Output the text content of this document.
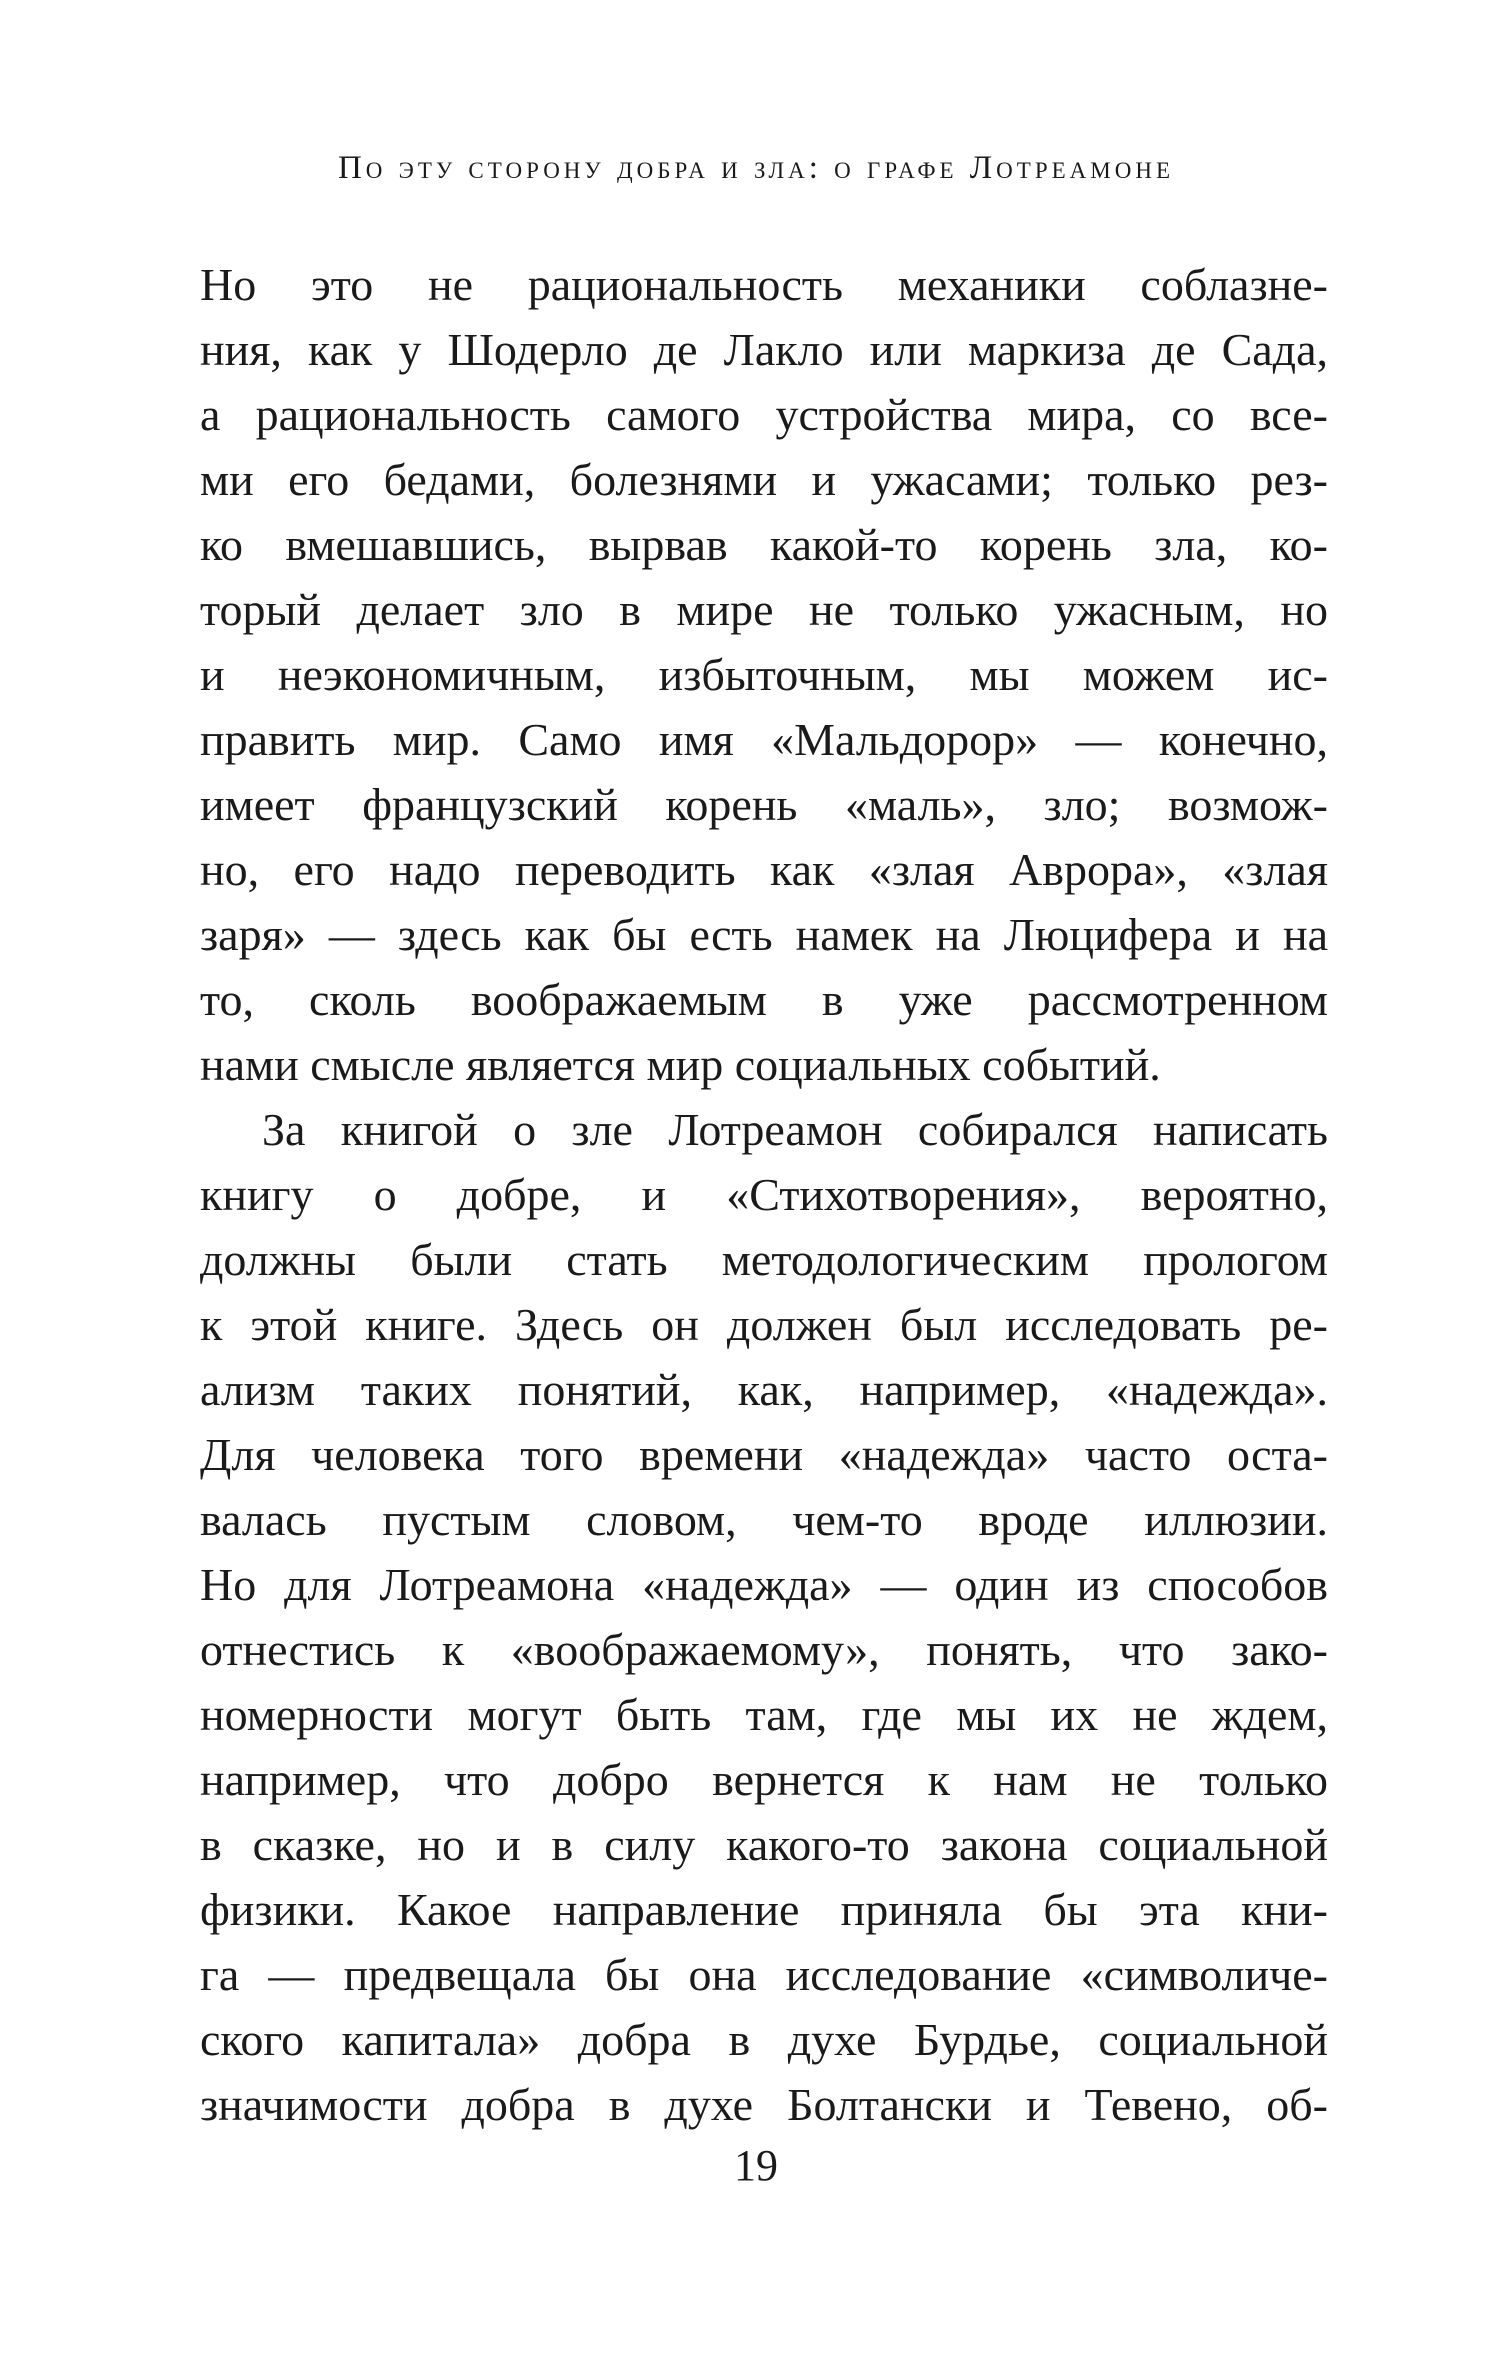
По эту сторону добра и зла: о графе Лотреамоне
Но это не рациональность механики соблазне-
ния, как у Шодерло де Лакло или маркиза де Сада,
а рациональность самого устройства мира, со все-
ми его бедами, болезнями и ужасами; только рез-
ко вмешавшись, вырвав какой-то корень зла, ко-
торый делает зло в мире не только ужасным, но
и неэкономичным, избыточным, мы можем ис-
править мир. Само имя «Мальдорор» — конечно,
имеет французский корень «маль», зло; возмож-
но, его надо переводить как «злая Аврора», «злая
заря» — здесь как бы есть намек на Люцифера и на
то, сколь воображаемым в уже рассмотренном
нами смысле является мир социальных событий.
За книгой о зле Лотреамон собирался написать
книгу о добре, и «Стихотворения», вероятно,
должны были стать методологическим прологом
к этой книге. Здесь он должен был исследовать ре-
ализм таких понятий, как, например, «надежда».
Для человека того времени «надежда» часто оста-
валась пустым словом, чем-то вроде иллюзии.
Но для Лотреамона «надежда» — один из способов
отнестись к «воображаемому», понять, что зако-
номерности могут быть там, где мы их не ждем,
например, что добро вернется к нам не только
в сказке, но и в силу какого-то закона социальной
физики. Какое направление приняла бы эта кни-
га — предвещала бы она исследование «символиче-
ского капитала» добра в духе Бурдье, социальной
значимости добра в духе Болтански и Тевено, об-
19
